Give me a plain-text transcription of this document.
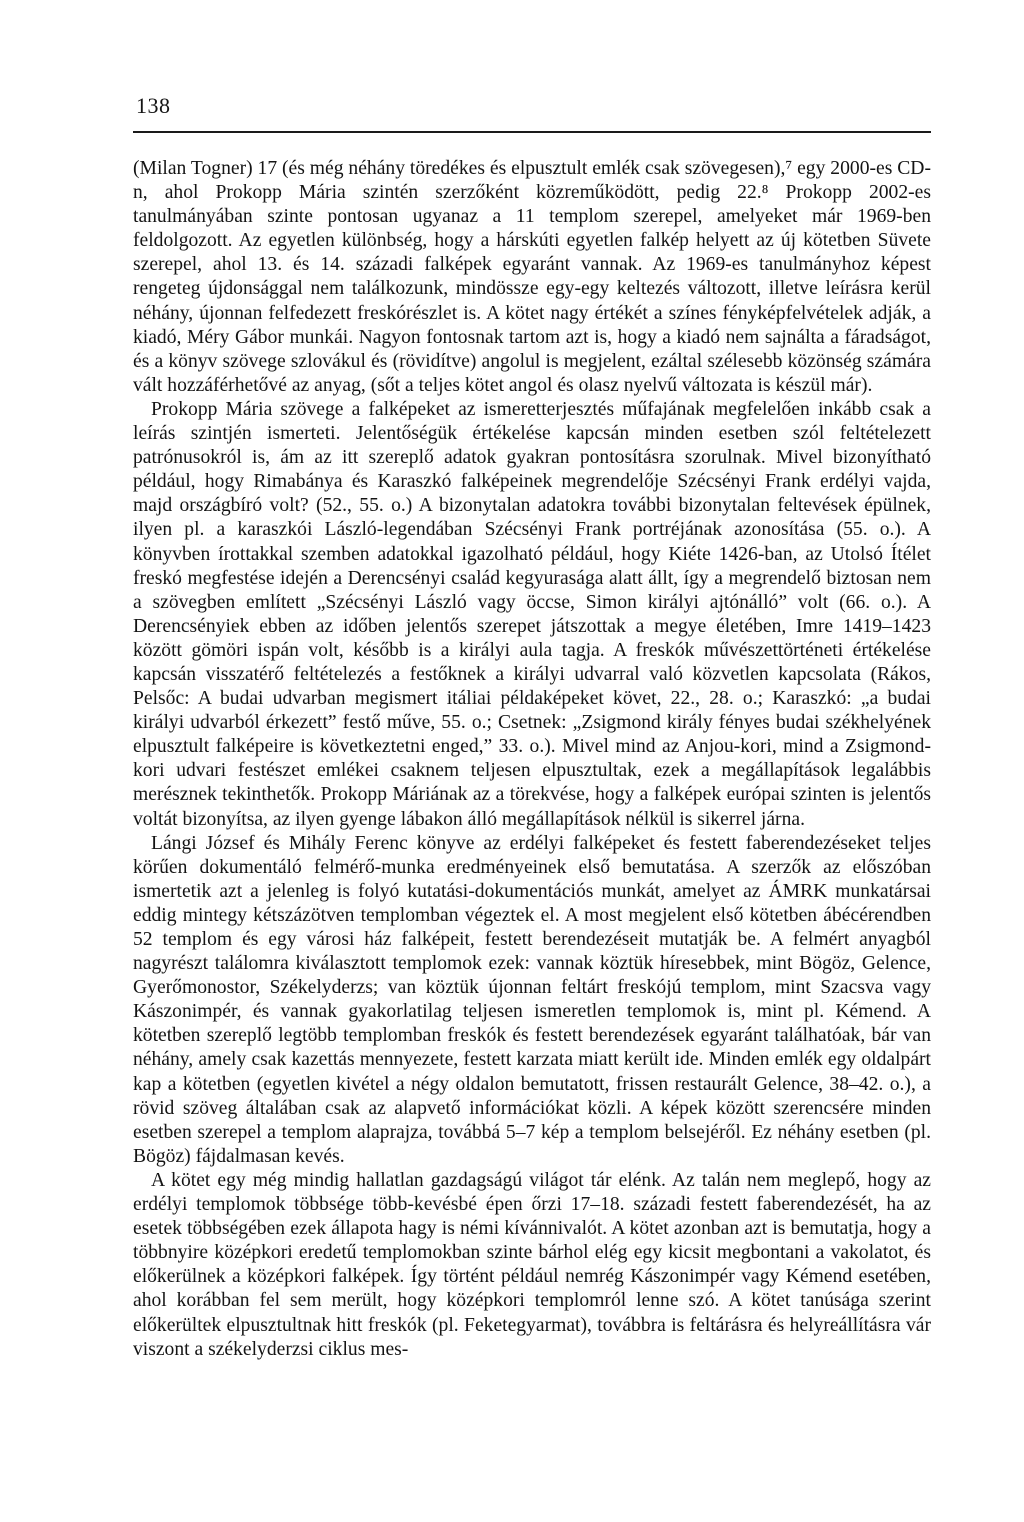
138

(Milan Togner) 17 (és még néhány töredékes és elpusztult emlék csak szövegesen),⁷ egy 2000-es CD-n, ahol Prokopp Mária szintén szerzőként közreműködött, pedig 22.⁸ Prokopp 2002-es tanulmányában szinte pontosan ugyanaz a 11 templom szerepel, amelyeket már 1969-ben feldolgozott. Az egyetlen különbség, hogy a hárskúti egyetlen falkép helyett az új kötetben Süvete szerepel, ahol 13. és 14. századi falképek egyaránt vannak. Az 1969-es tanulmányhoz képest rengeteg újdonsággal nem találkozunk, mindössze egy-egy keltezés változott, illetve leírásra kerül néhány, újonnan felfedezett freskórészlet is. A kötet nagy értékét a színes fényképfelvételek adják, a kiadó, Méry Gábor munkái. Nagyon fontosnak tartom azt is, hogy a kiadó nem sajnálta a fáradságot, és a könyv szövege szlovákul és (rövidítve) angolul is megjelent, ezáltal szélesebb közönség számára vált hozzáférhetővé az anyag, (sőt a teljes kötet angol és olasz nyelvű változata is készül már).

Prokopp Mária szövege a falképeket az ismeretterjesztés műfajának megfelelően inkább csak a leírás szintjén ismerteti. Jelentőségük értékelése kapcsán minden esetben szól feltételezett patrónusokról is, ám az itt szereplő adatok gyakran pontosításra szorulnak. Mivel bizonyítható például, hogy Rimabánya és Karaszkó falképeinek megrendelője Szécsényi Frank erdélyi vajda, majd országbíró volt? (52., 55. o.) A bizonytalan adatokra további bizonytalan feltevések épülnek, ilyen pl. a karaszkói László-legendában Szécsényi Frank portréjának azonosítása (55. o.). A könyvben írottakkal szemben adatokkal igazolható például, hogy Kiéte 1426-ban, az Utolsó Ítélet freskó megfestése idején a Derencsényi család kegyurasága alatt állt, így a megrendelő biztosan nem a szövegben említett „Szécsényi László vagy öccse, Simon királyi ajtónálló” volt (66. o.). A Derencsényiek ebben az időben jelentős szerepet játszottak a megye életében, Imre 1419–1423 között gömöri ispán volt, később is a királyi aula tagja. A freskók művészettörténeti értékelése kapcsán visszatérő feltételezés a festőknek a királyi udvarral való közvetlen kapcsolata (Rákos, Pelsőc: A budai udvarban megismert itáliai példaképeket követ, 22., 28. o.; Karaszkó: „a budai királyi udvarból érkezett” festő műve, 55. o.; Csetnek: „Zsigmond király fényes budai székhelyének elpusztult falképeire is következtetni enged,” 33. o.). Mivel mind az Anjou-kori, mind a Zsigmond-kori udvari festészet emlékei csaknem teljesen elpusztultak, ezek a megállapítások legalábbis merésznek tekinthetők. Prokopp Máriának az a törekvése, hogy a falképek európai szinten is jelentős voltát bizonyítsa, az ilyen gyenge lábakon álló megállapítások nélkül is sikerrel járna.

Lángi József és Mihály Ferenc könyve az erdélyi falképeket és festett faberendezéseket teljes körűen dokumentáló felmérő-munka eredményeinek első bemutatása. A szerzők az előszóban ismertetik azt a jelenleg is folyó kutatási-dokumentációs munkát, amelyet az ÁMRK munkatársai eddig mintegy kétszázötven templomban végeztek el. A most megjelent első kötetben ábécérendben 52 templom és egy városi ház falképeit, festett berendezéseit mutatják be. A felmért anyagból nagyrészt találomra kiválasztott templomok ezek: vannak köztük híresebbek, mint Bögöz, Gelence, Gyerőmonostor, Székelyderzs; van köztük újonnan feltárt freskójú templom, mint Szacsva vagy Kászonimpér, és vannak gyakorlatilag teljesen ismeretlen templomok is, mint pl. Kémend. A kötetben szereplő legtöbb templomban freskók és festett berendezések egyaránt találhatóak, bár van néhány, amely csak kazettás mennyezete, festett karzata miatt került ide. Minden emlék egy oldalpárt kap a kötetben (egyetlen kivétel a négy oldalon bemutatott, frissen restaurált Gelence, 38–42. o.), a rövid szöveg általában csak az alapvető információkat közli. A képek között szerencsére minden esetben szerepel a templom alaprajza, továbbá 5–7 kép a templom belsejéről. Ez néhány esetben (pl. Bögöz) fájdalmasan kevés.

A kötet egy még mindig hallatlan gazdagságú világot tár elénk. Az talán nem meglepő, hogy az erdélyi templomok többsége több-kevésbé épen őrzi 17–18. századi festett faberendezését, ha az esetek többségében ezek állapota hagy is némi kívánnivalót. A kötet azonban azt is bemutatja, hogy a többnyire középkori eredetű templomokban szinte bárhol elég egy kicsit megbontani a vakolatot, és előkerülnek a középkori falképek. Így történt például nemrég Kászonimpér vagy Kémend esetében, ahol korábban fel sem merült, hogy középkori templomról lenne szó. A kötet tanúsága szerint előkerültek elpusztultnak hitt freskók (pl. Feketegyarmat), továbbra is feltárásra és helyreállításra vár viszont a székelyderzsi ciklus mes-
